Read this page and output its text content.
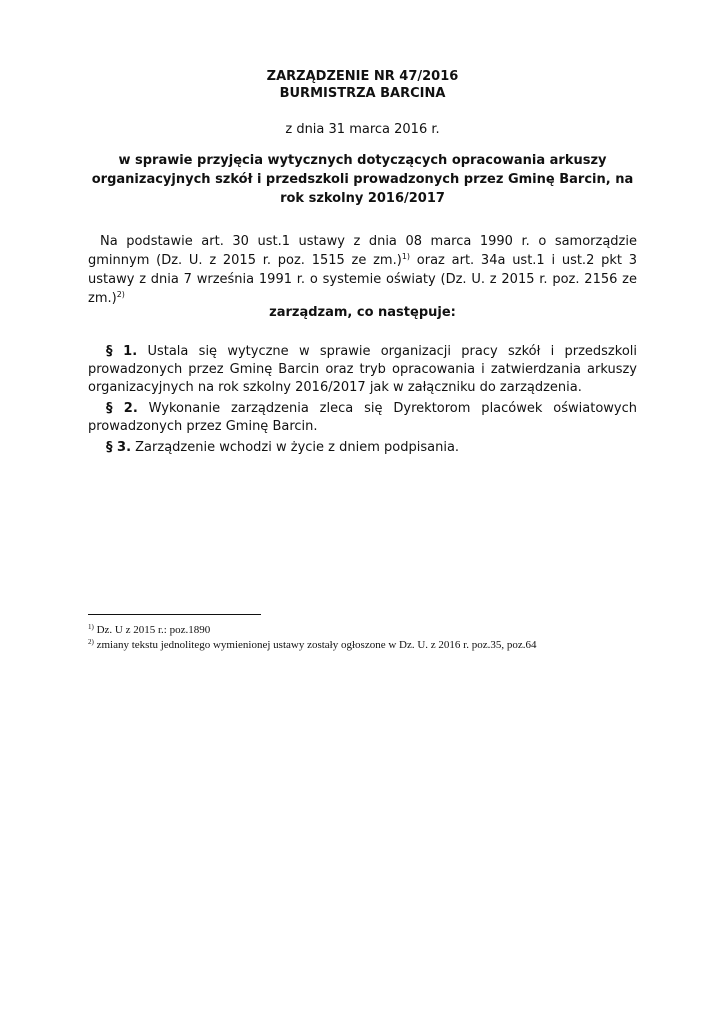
ZARZĄDZENIE NR 47/2016
BURMISTRZA BARCINA
z dnia 31 marca 2016 r.
w sprawie przyjęcia wytycznych dotyczących opracowania arkuszy organizacyjnych szkół i przedszkoli prowadzonych przez Gminę Barcin, na rok szkolny 2016/2017
Na podstawie art. 30 ust.1 ustawy z dnia 08 marca 1990 r. o samorządzie gminnym (Dz. U. z 2015 r. poz. 1515 ze zm.)$^{1)}$ oraz art. 34a ust.1 i ust.2 pkt 3 ustawy z dnia 7 września 1991 r. o systemie oświaty (Dz. U. z 2015 r. poz. 2156 ze zm.)$^{2)}$
zarządzam, co następuje:
§ 1. Ustala się wytyczne w sprawie organizacji pracy szkół i przedszkoli prowadzonych przez Gminę Barcin oraz tryb opracowania i zatwierdzania arkuszy organizacyjnych na rok szkolny 2016/2017 jak w załączniku do zarządzenia.
§ 2. Wykonanie zarządzenia zleca się Dyrektorom placówek oświatowych prowadzonych przez Gminę Barcin.
§ 3. Zarządzenie wchodzi w życie z dniem podpisania.
$^{1)}$ Dz. U z 2015 r.: poz.1890
$^{2)}$ zmiany tekstu jednolitego wymienionej ustawy zostały ogłoszone w Dz. U. z 2016 r. poz.35, poz.64
